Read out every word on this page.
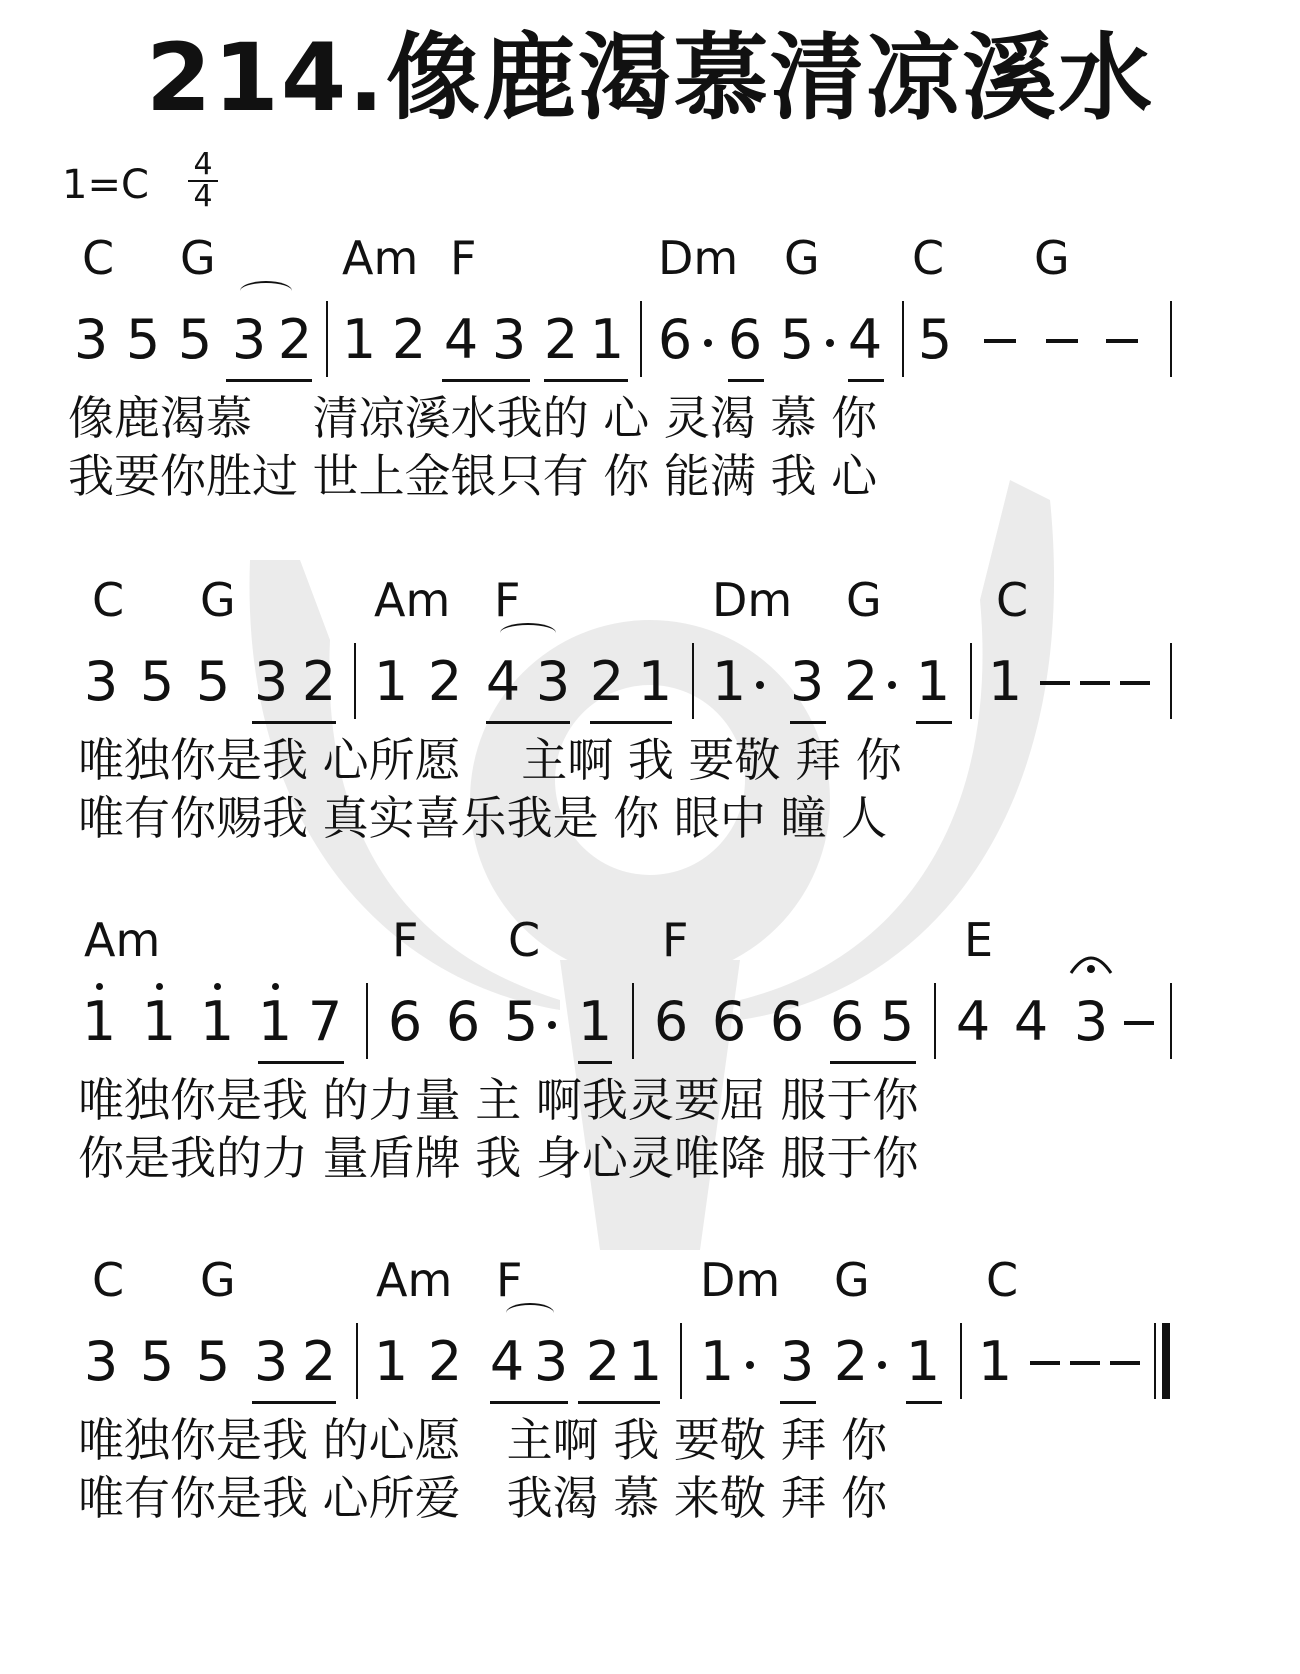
214.像鹿渴慕清凉溪水
$1=C \frac{4}{4}$
C G	Am F	Dm G C G
3 5 5 3 2 1 2 4 3 2 1 6 6 5 4 5
像鹿渴慕　 清凉溪水我的 心 灵渴 慕 你
我要你胜过 世上金银只有 你 能满 我 心
C G	Am F	Dm G C
3 5 5 3 2 1 2 4 3 2 1 1 3 2 1 1
唯独你是我 心所愿　 主啊 我 要敬 拜 你
唯有你赐我 真实喜乐我是 你 眼中 瞳 人
Am	F C	F	E
1 1 1 1 7 6 6 5 1 6 6 6 6 5 4 4 3
唯独你是我 的力量 主 啊我灵要屈 服于你
你是我的力 量盾牌 我 身心灵唯降 服于你
C G	Am F	Dm G	C
3 5 5 3 2 1 2 4 3 2 1 1 3 2 1 1
唯独你是我 的心愿　主啊 我 要敬 拜 你
唯有你是我 心所爱　我渴 慕 来敬 拜 你
